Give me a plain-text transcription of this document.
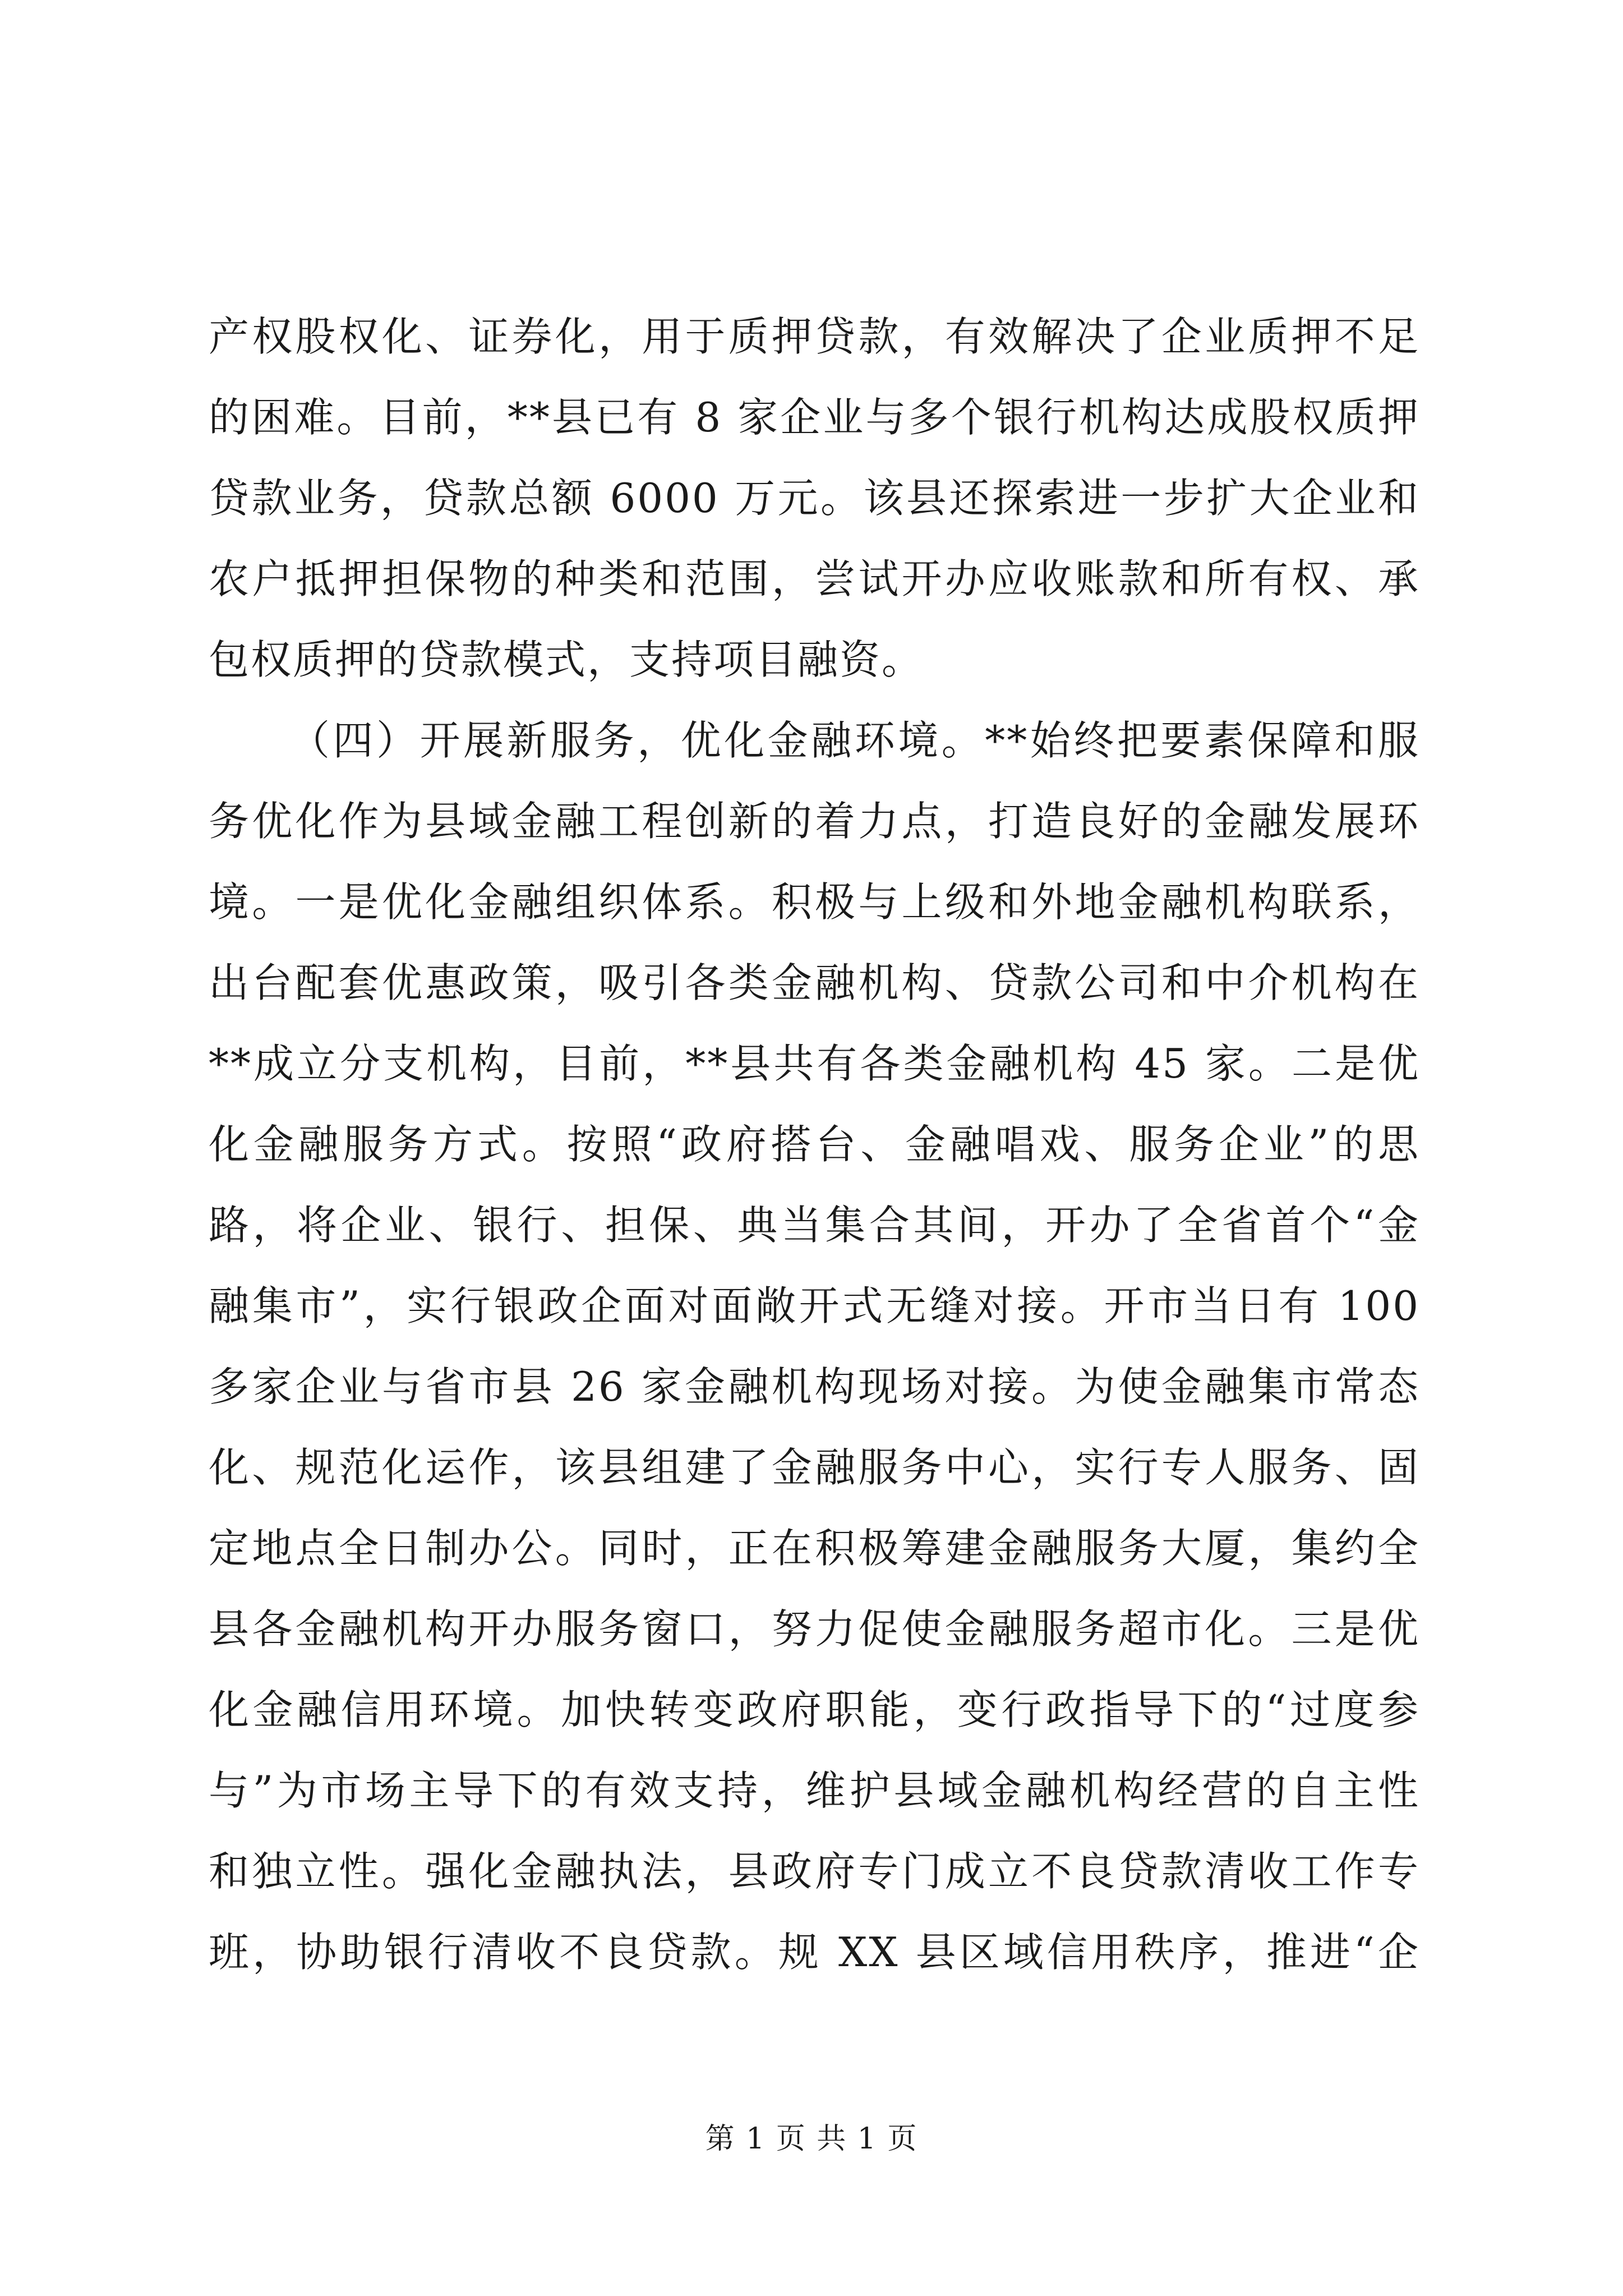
产权股权化、证券化，用于质押贷款，有效解决了企业质押不足
的困难。目前，**县已有 8 家企业与多个银行机构达成股权质押
贷款业务，贷款总额 6000 万元。该县还探索进一步扩大企业和
农户抵押担保物的种类和范围，尝试开办应收账款和所有权、承
包权质押的贷款模式，支持项目融资。
（四）开展新服务，优化金融环境。**始终把要素保障和服
务优化作为县域金融工程创新的着力点，打造良好的金融发展环
境。一是优化金融组织体系。积极与上级和外地金融机构联系，
出台配套优惠政策，吸引各类金融机构、贷款公司和中介机构在
**成立分支机构，目前，**县共有各类金融机构 45 家。二是优
化金融服务方式。按照“政府搭台、金融唱戏、服务企业”的思
路，将企业、银行、担保、典当集合其间，开办了全省首个“金
融集市”，实行银政企面对面敞开式无缝对接。开市当日有 100
多家企业与省市县 26 家金融机构现场对接。为使金融集市常态
化、规范化运作，该县组建了金融服务中心，实行专人服务、固
定地点全日制办公。同时，正在积极筹建金融服务大厦，集约全
县各金融机构开办服务窗口，努力促使金融服务超市化。三是优
化金融信用环境。加快转变政府职能，变行政指导下的“过度参
与”为市场主导下的有效支持，维护县域金融机构经营的自主性
和独立性。强化金融执法，县政府专门成立不良贷款清收工作专
班，协助银行清收不良贷款。规 XX 县区域信用秩序，推进“企
第 1 页 共 1 页
